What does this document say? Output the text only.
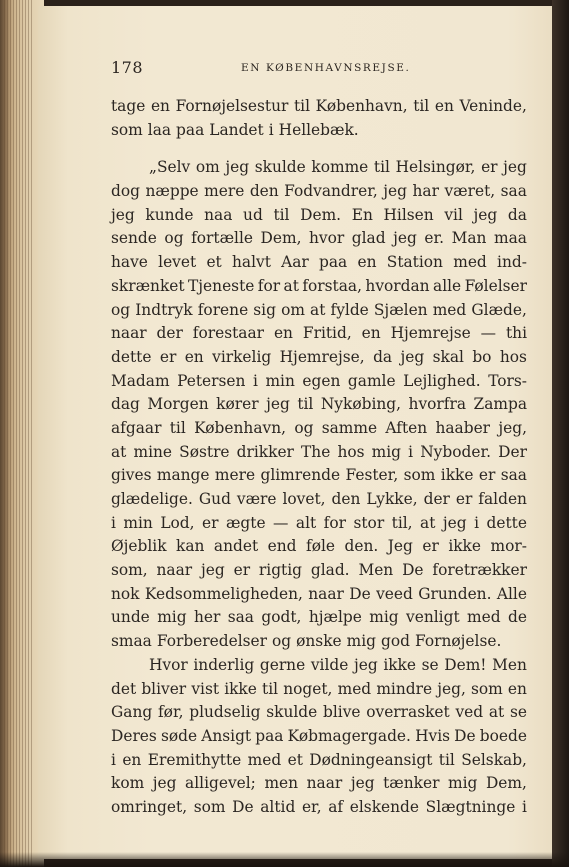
178	EN KØBENHAVNSREJSE.
tage en Fornøjelsestur til København, til en Veninde,
som laa paa Landet i Hellebæk.
„Selv om jeg skulde komme til Helsingør, er jeg
dog næppe mere den Fodvandrer, jeg har været, saa
jeg kunde naa ud til Dem. En Hilsen vil jeg da
sende og fortælle Dem, hvor glad jeg er. Man maa
have levet et halvt Aar paa en Station med ind-
skrænket Tjeneste for at forstaa, hvordan alle Følelser
og Indtryk forene sig om at fylde Sjælen med Glæde,
naar der forestaar en Fritid, en Hjemrejse — thi
dette er en virkelig Hjemrejse, da jeg skal bo hos
Madam Petersen i min egen gamle Lejlighed. Tors-
dag Morgen kører jeg til Nykøbing, hvorfra Zampa
afgaar til København, og samme Aften haaber jeg,
at mine Søstre drikker The hos mig i Nyboder. Der
gives mange mere glimrende Fester, som ikke er saa
glædelige. Gud være lovet, den Lykke, der er falden
i min Lod, er ægte — alt for stor til, at jeg i dette
Øjeblik kan andet end føle den. Jeg er ikke mor-
som, naar jeg er rigtig glad. Men De foretrækker
nok Kedsommeligheden, naar De veed Grunden. Alle
unde mig her saa godt, hjælpe mig venligt med de
smaa Forberedelser og ønske mig god Fornøjelse.
Hvor inderlig gerne vilde jeg ikke se Dem! Men
det bliver vist ikke til noget, med mindre jeg, som en
Gang før, pludselig skulde blive overrasket ved at se
Deres søde Ansigt paa Købmagergade. Hvis De boede
i en Eremithytte med et Dødningeansigt til Selskab,
kom jeg alligevel; men naar jeg tænker mig Dem,
omringet, som De altid er, af elskende Slægtninge i
